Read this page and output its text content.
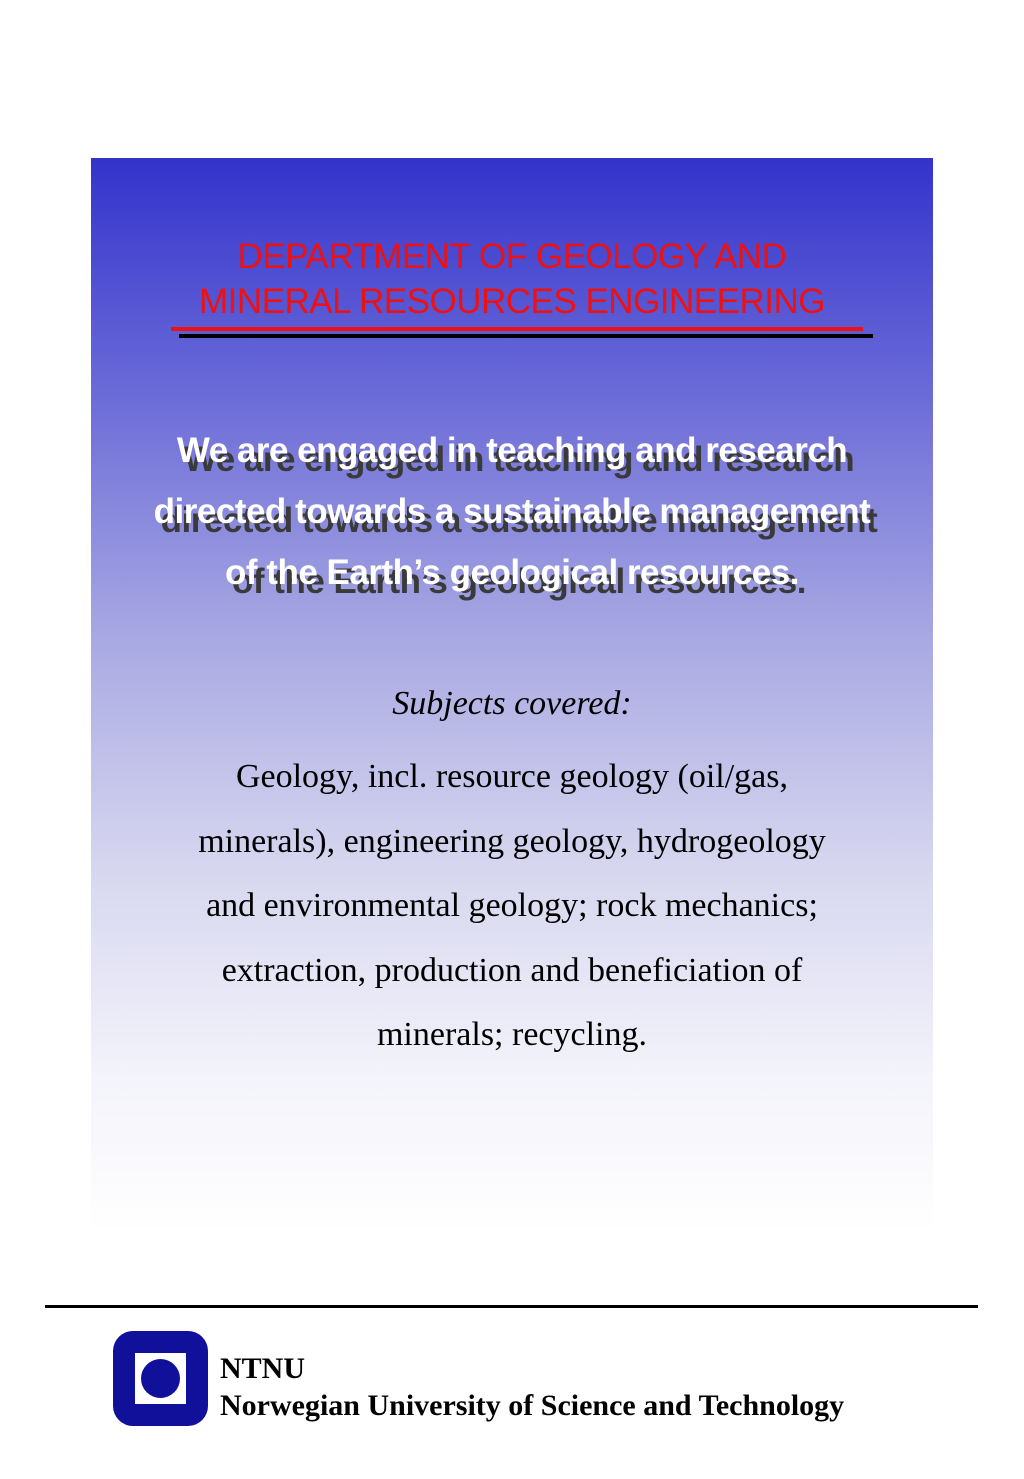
DEPARTMENT OF GEOLOGY AND
MINERAL RESOURCES ENGINEERING
We are engaged in teaching and research
directed towards a sustainable management
of the Earth’s geological resources.
Subjects covered:
Geology, incl. resource geology (oil/gas,
minerals), engineering geology, hydrogeology
and environmental geology; rock mechanics;
extraction, production and beneficiation of
minerals; recycling.
NTNU
Norwegian University of Science and Technology
